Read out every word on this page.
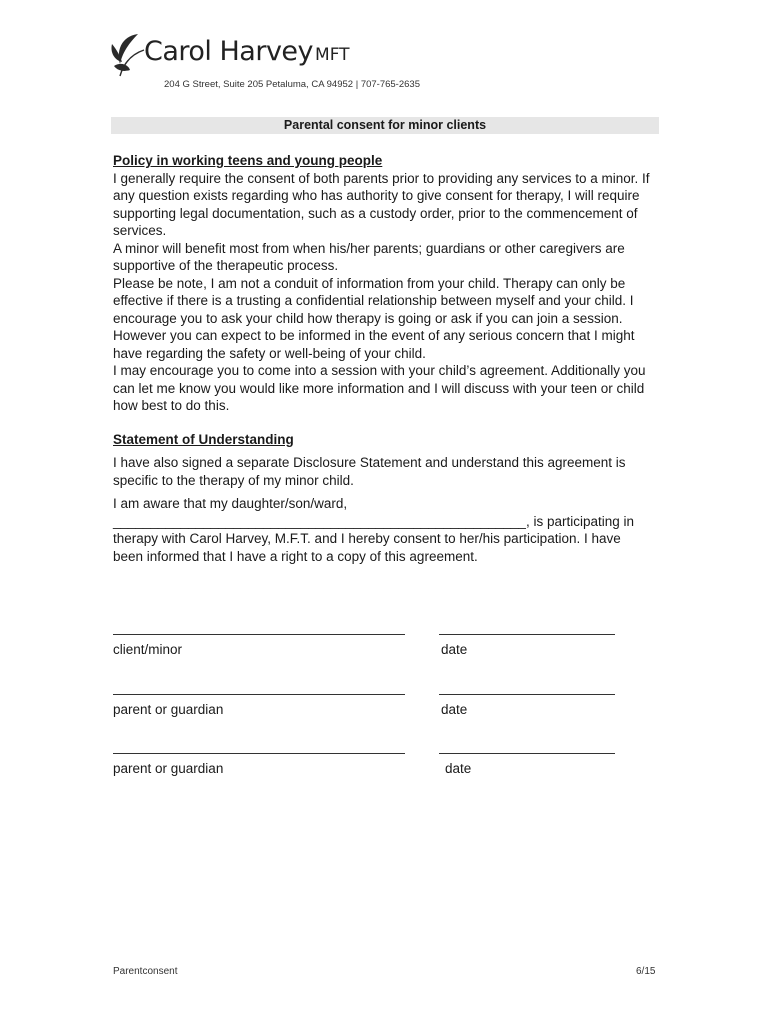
Carol Harvey MFT
204 G Street, Suite 205 Petaluma, CA 94952 | 707-765-2635
Parental consent for minor clients

Policy in working teens and young people

I generally require the consent of both parents prior to providing any services to a minor. If any question exists regarding who has authority to give consent for therapy, I will require supporting legal documentation, such as a custody order, prior to the commencement of services.

A minor will benefit most from when his/her parents; guardians or other caregivers are supportive of the therapeutic process.

Please be note, I am not a conduit of information from your child. Therapy can only be effective if there is a trusting a confidential relationship between myself and your child. I encourage you to ask your child how therapy is going or ask if you can join a session. However you can expect to be informed in the event of any serious concern that I might have regarding the safety or well-being of your child.

I may encourage you to come into a session with your child’s agreement. Additionally you can let me know you would like more information and I will discuss with your teen or child how best to do this.

Statement of Understanding

I have also signed a separate Disclosure Statement and understand this agreement is specific to the therapy of my minor child.

I am aware that my daughter/son/ward,

_______________________________________________________, is participating in therapy with Carol Harvey, M.F.T. and I hereby consent to her/his participation. I have been informed that I have a right to a copy of this agreement.

client/minor	date
parent or guardian	date
parent or guardian	date
Parentconsent	6/15
